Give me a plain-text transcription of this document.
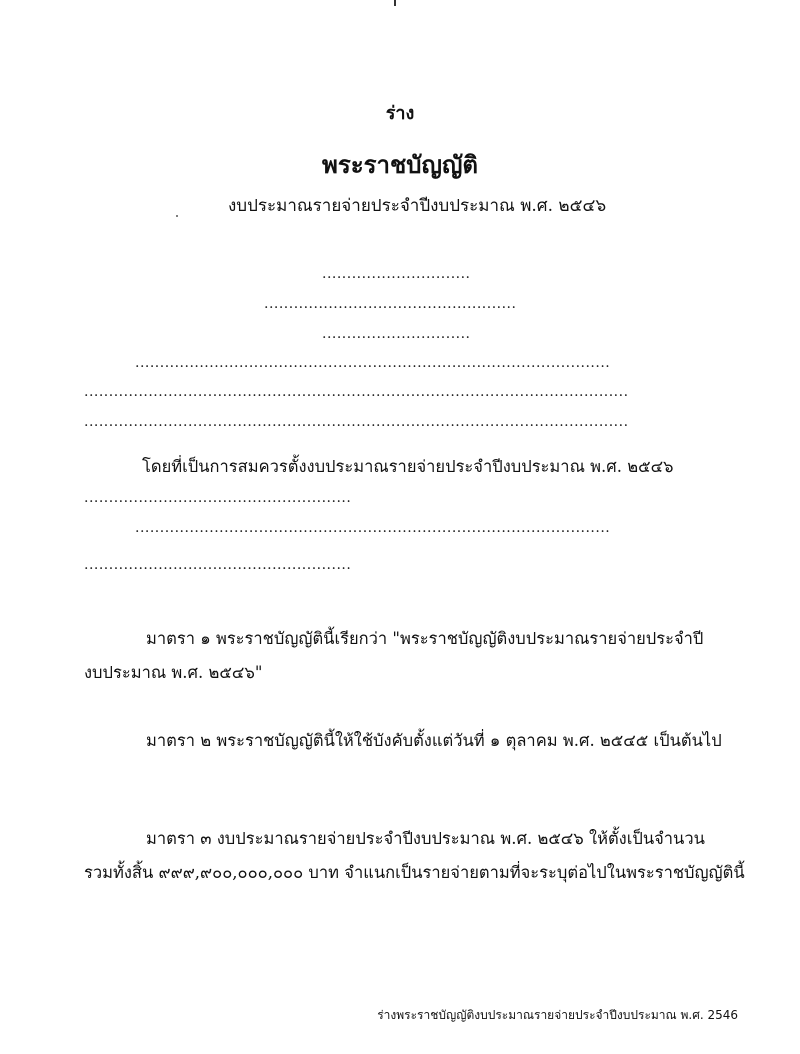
ร่าง
พระราชบัญญัติ
งบประมาณรายจ่ายประจำปีงบประมาณ พ.ศ. ๒๕๔๖
..............................
...................................................
..............................
................................................................................................
..............................................................................................................
..............................................................................................................
โดยที่เป็นการสมควรตั้งงบประมาณรายจ่ายประจำปีงบประมาณ พ.ศ. ๒๕๔๖
......................................................
................................................................................................
......................................................
มาตรา ๑ พระราชบัญญัตินี้เรียกว่า "พระราชบัญญัติงบประมาณรายจ่ายประจำปี
งบประมาณ พ.ศ. ๒๕๔๖"
มาตรา ๒ พระราชบัญญัตินี้ให้ใช้บังคับตั้งแต่วันที่ ๑ ตุลาคม พ.ศ. ๒๕๔๕ เป็นต้นไป
มาตรา ๓ งบประมาณรายจ่ายประจำปีงบประมาณ พ.ศ. ๒๕๔๖ ให้ตั้งเป็นจำนวน
รวมทั้งสิ้น ๙๙๙,๙๐๐,๐๐๐,๐๐๐ บาท จำแนกเป็นรายจ่ายตามที่จะระบุต่อไปในพระราชบัญญัตินี้
ร่างพระราชบัญญัติงบประมาณรายจ่ายประจำปีงบประมาณ พ.ศ. 2546
